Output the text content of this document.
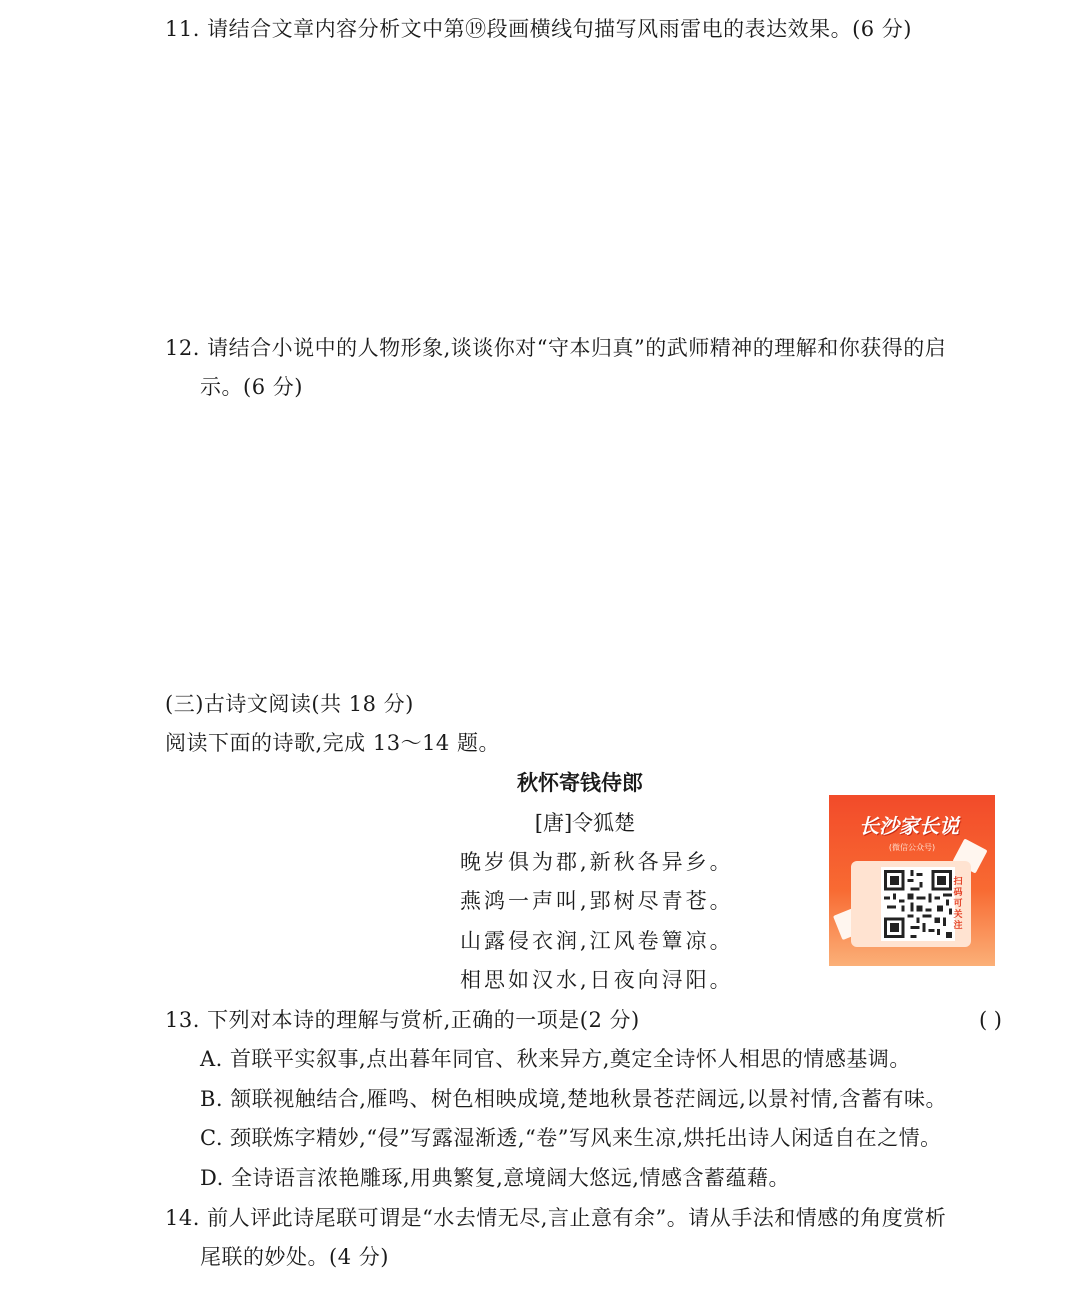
11. 请结合文章内容分析文中第⑲段画横线句描写风雨雷电的表达效果。(6 分)
12. 请结合小说中的人物形象,谈谈你对“守本归真”的武师精神的理解和你获得的启
示。(6 分)
(三)古诗文阅读(共 18 分)
阅读下面的诗歌,完成 13～14 题。
秋怀寄钱侍郎
[唐]令狐楚
晚岁俱为郡,新秋各异乡。
燕鸿一声叫,郢树尽青苍。
山露侵衣润,江风卷簟凉。
相思如汉水,日夜向浔阳。
长沙家长说
(微信公众号)
扫码可关注
13. 下列对本诗的理解与赏析,正确的一项是(2 分)	( )
A. 首联平实叙事,点出暮年同官、秋来异方,奠定全诗怀人相思的情感基调。
B. 颔联视触结合,雁鸣、树色相映成境,楚地秋景苍茫阔远,以景衬情,含蓄有味。
C. 颈联炼字精妙,“侵”写露湿渐透,“卷”写风来生凉,烘托出诗人闲适自在之情。
D. 全诗语言浓艳雕琢,用典繁复,意境阔大悠远,情感含蓄蕴藉。
14. 前人评此诗尾联可谓是“水去情无尽,言止意有余”。请从手法和情感的角度赏析
尾联的妙处。(4 分)
